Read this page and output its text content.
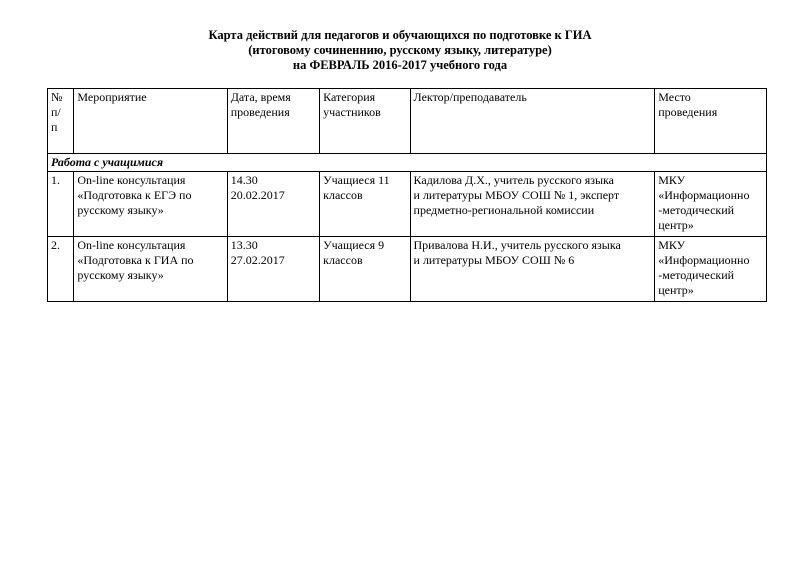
Карта действий для педагогов и обучающихся по подготовке к ГИА
(итоговому сочиненнию, русскому языку, литературе)
на ФЕВРАЛЬ 2016-2017 учебного года
№
п/
п	Мероприятие	Дата, время
проведения	Категория
участников	Лектор/преподаватель	Место
проведения

Работа с учащимися					

1.	On-line консультация
«Подготовка к ЕГЭ по
русскому языку»	14.30
20.02.2017	Учащиеся 11
классов	Кадилова Д.Х., учитель русского языка
и литературы МБОУ СОШ № 1, эксперт
предметно-региональной комиссии	МКУ
«Информационно
-методический
центр»

2.	On-line консультация
«Подготовка к ГИА по
русскому языку»	13.30
27.02.2017	Учащиеся 9
классов	Привалова Н.И., учитель русского языка
и литературы МБОУ СОШ № 6	МКУ
«Информационно
-методический
центр»
